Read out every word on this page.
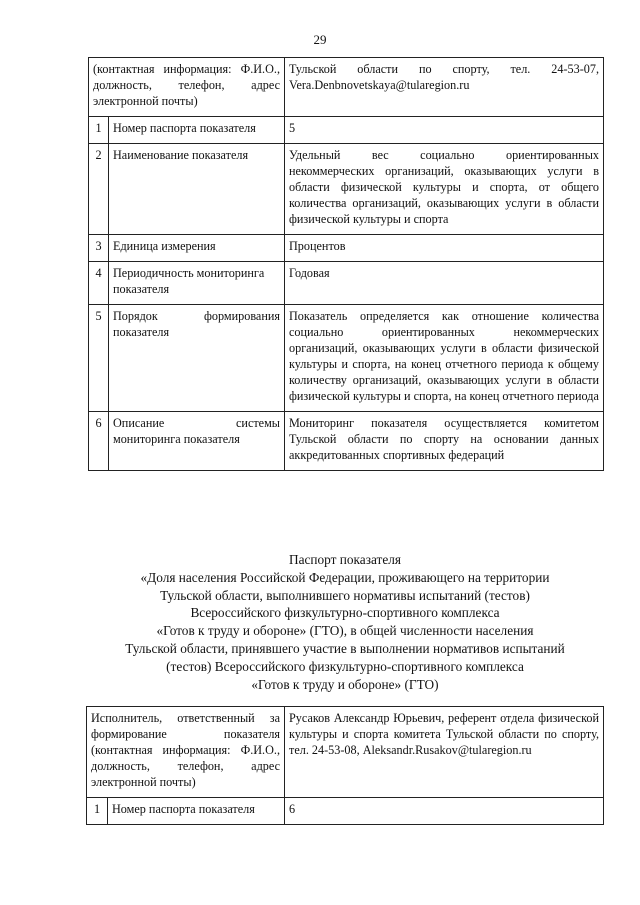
29
(контактная информация: Ф.И.О., должность, телефон, адрес электронной почты)		Тульской области по спорту, тел. 24-53-07, Vera.Denbnovetskaya@tularegion.ru
1	Номер паспорта показателя	5
2	Наименование показателя	Удельный вес социально ориентированных некоммерческих организаций, оказывающих услуги в области физической культуры и спорта, от общего количества организаций, оказывающих услуги в области физической культуры и спорта
3	Единица измерения	Процентов
4	Периодичность мониторинга показателя	Годовая
5	Порядок формирования показателя	Показатель определяется как отношение количества социально ориентированных некоммерческих организаций, оказывающих услуги в области физической культуры и спорта, на конец отчетного периода к общему количеству организаций, оказывающих услуги в области физической культуры и спорта, на конец отчетного периода
6	Описание системы мониторинга показателя	Мониторинг показателя осуществляется комитетом Тульской области по спорту на основании данных аккредитованных спортивных федераций
Паспорт показателя
«Доля населения Российской Федерации, проживающего на территории
Тульской области, выполнившего нормативы испытаний (тестов)
Всероссийского физкультурно-спортивного комплекса
«Готов к труду и обороне» (ГТО), в общей численности населения
Тульской области, принявшего участие в выполнении нормативов испытаний
(тестов) Всероссийского физкультурно-спортивного комплекса
«Готов к труду и обороне» (ГТО)
Исполнитель, ответственный за формирование показателя (контактная информация: Ф.И.О., должность, телефон, адрес электронной почты)		Русаков Александр Юрьевич, референт отдела физической культуры и спорта комитета Тульской области по спорту, тел. 24-53-08, Aleksandr.Rusakov@tularegion.ru
1	Номер паспорта показателя	6
